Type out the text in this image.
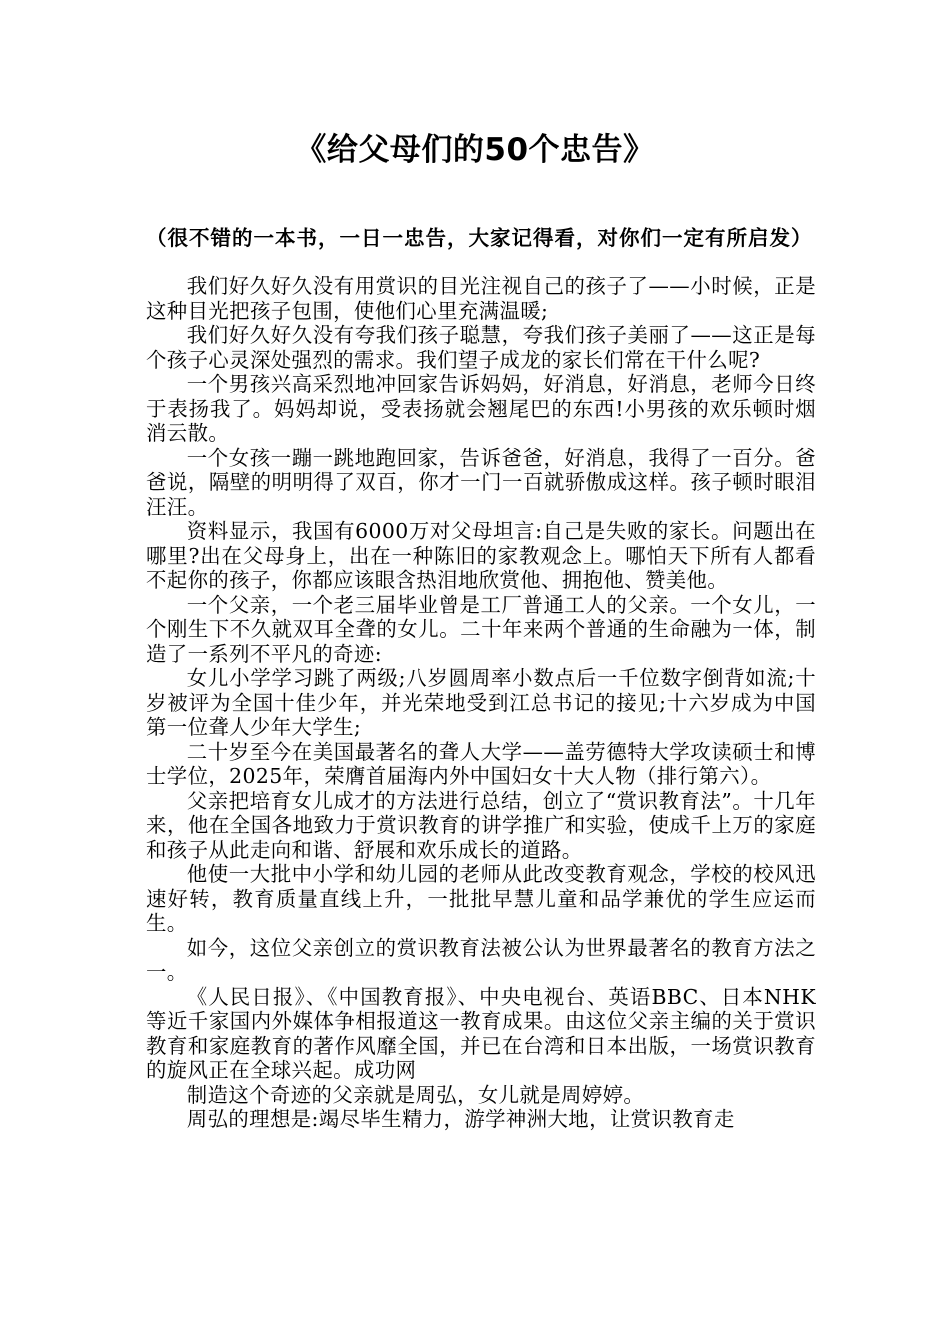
《给父母们的50个忠告》

（很不错的一本书，一日一忠告，大家记得看，对你们一定有所启发）

我们好久好久没有用赏识的目光注视自己的孩子了——小时候，正是这种目光把孩子包围，使他们心里充满温暖;

我们好久好久没有夸我们孩子聪慧，夸我们孩子美丽了——这正是每个孩子心灵深处强烈的需求。我们望子成龙的家长们常在干什么呢?

一个男孩兴高采烈地冲回家告诉妈妈，好消息，好消息，老师今日终于表扬我了。妈妈却说，受表扬就会翘尾巴的东西!小男孩的欢乐顿时烟消云散。

一个女孩一蹦一跳地跑回家，告诉爸爸，好消息，我得了一百分。爸爸说，隔壁的明明得了双百，你才一门一百就骄傲成这样。孩子顿时眼泪汪汪。

资料显示，我国有6000万对父母坦言:自己是失败的家长。问题出在哪里?出在父母身上，出在一种陈旧的家教观念上。哪怕天下所有人都看不起你的孩子，你都应该眼含热泪地欣赏他、拥抱他、赞美他。

一个父亲，一个老三届毕业曾是工厂普通工人的父亲。一个女儿，一个刚生下不久就双耳全聋的女儿。二十年来两个普通的生命融为一体，制造了一系列不平凡的奇迹:

女儿小学学习跳了两级;八岁圆周率小数点后一千位数字倒背如流;十岁被评为全国十佳少年，并光荣地受到江总书记的接见;十六岁成为中国第一位聋人少年大学生;

二十岁至今在美国最著名的聋人大学——盖劳德特大学攻读硕士和博士学位，2025年，荣膺首届海内外中国妇女十大人物（排行第六）。

父亲把培育女儿成才的方法进行总结，创立了“赏识教育法”。十几年来，他在全国各地致力于赏识教育的讲学推广和实验，使成千上万的家庭和孩子从此走向和谐、舒展和欢乐成长的道路。

他使一大批中小学和幼儿园的老师从此改变教育观念，学校的校风迅速好转，教育质量直线上升，一批批早慧儿童和品学兼优的学生应运而生。

如今，这位父亲创立的赏识教育法被公认为世界最著名的教育方法之一。

《人民日报》、《中国教育报》、中央电视台、英语BBC、日本NHK等近千家国内外媒体争相报道这一教育成果。由这位父亲主编的关于赏识教育和家庭教育的著作风靡全国，并已在台湾和日本出版，一场赏识教育的旋风正在全球兴起。成功网

制造这个奇迹的父亲就是周弘，女儿就是周婷婷。

周弘的理想是:竭尽毕生精力，游学神洲大地，让赏识教育走
